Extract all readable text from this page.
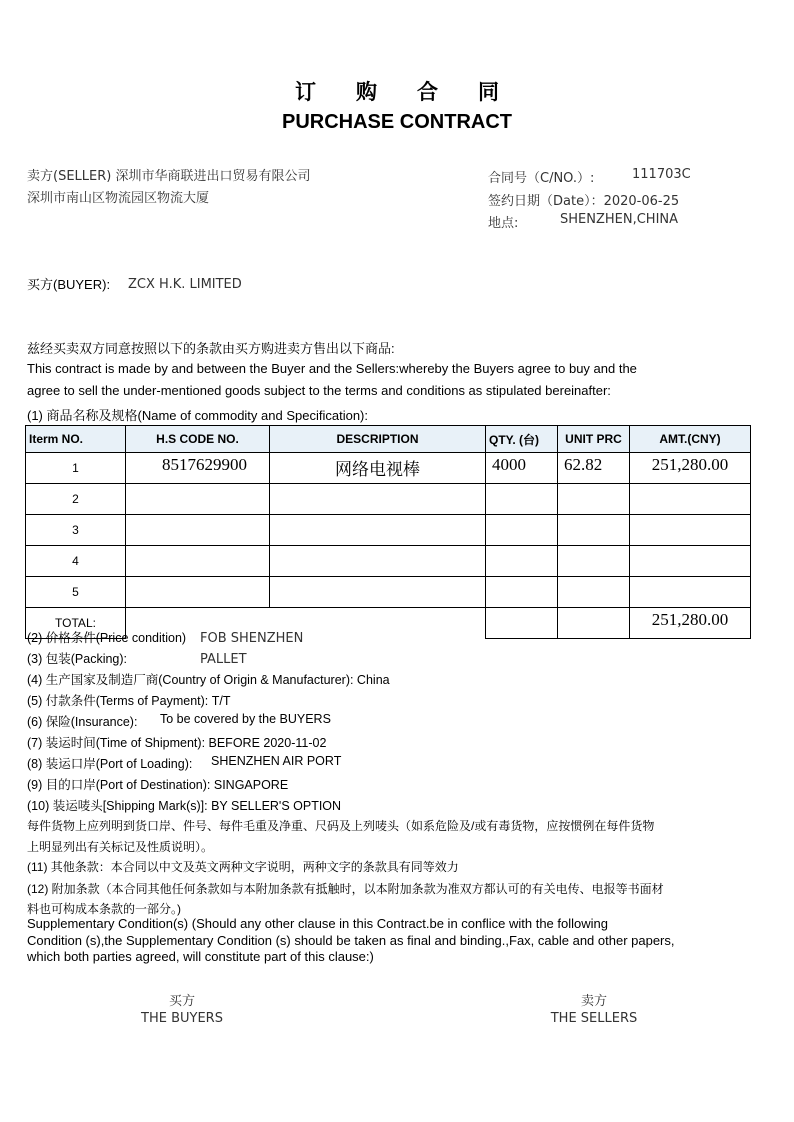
订购合同
PURCHASE CONTRACT
卖方(SELLER) 深圳市华商联进出口贸易有限公司
深圳市南山区物流园区物流大厦
合同号（C/NO.）:	111703C
签约日期（Date）：2020-06-25
地点:	SHENZHEN,CHINA
买方(BUYER): ZCX H.K. LIMITED
兹经买卖双方同意按照以下的条款由买方购进卖方售出以下商品:
This contract is made by and between the Buyer and the Sellers:whereby the Buyers agree to buy and the
agree to sell the under-mentioned goods subject to the terms and conditions as stipulated bereinafter:
(1) 商品名称及规格(Name of commodity and Specification):
Iterm NO.	H.S CODE NO.	DESCRIPTION	QTY. (台)	UNIT PRC	AMT.(CNY)
1	8517629900	网络电视棒	4000	62.82	251,280.00
2					
3					
4					
5					
TOTAL:					251,280.00
(2) 价格条件(Price condition) FOB SHENZHEN
(3) 包装(Packing):	PALLET
(4) 生产国家及制造厂商(Country of Origin & Manufacturer): China
(5) 付款条件(Terms of Payment): T/T
(6) 保险(Insurance): To be covered by the BUYERS
(7) 装运时间(Time of Shipment): BEFORE 2020-11-02
(8) 装运口岸(Port of Loading): SHENZHEN AIR PORT
(9) 目的口岸(Port of Destination): SINGAPORE
(10) 装运唛头[Shipping Mark(s)]: BY SELLER'S OPTION
每件货物上应列明到货口岸、件号、每件毛重及净重、尺码及上列唛头（如系危险及/或有毒货物，应按惯例在每件货物
上明显列出有关标记及性质说明）。
(11) 其他条款：本合同以中文及英文两种文字说明，两种文字的条款具有同等效力
(12) 附加条款（本合同其他任何条款如与本附加条款有抵触时，以本附加条款为准双方都认可的有关电传、电报等书面材
料也可构成本条款的一部分。)
Supplementary Condition(s) (Should any other clause in this Contract.be in conflice with the following
Condition (s),the Supplementary Condition (s) should be taken as final and binding.,Fax, cable and other papers,
which both parties agreed, will constitute part of this clause:)
买方
THE BUYERS
卖方
THE SELLERS
